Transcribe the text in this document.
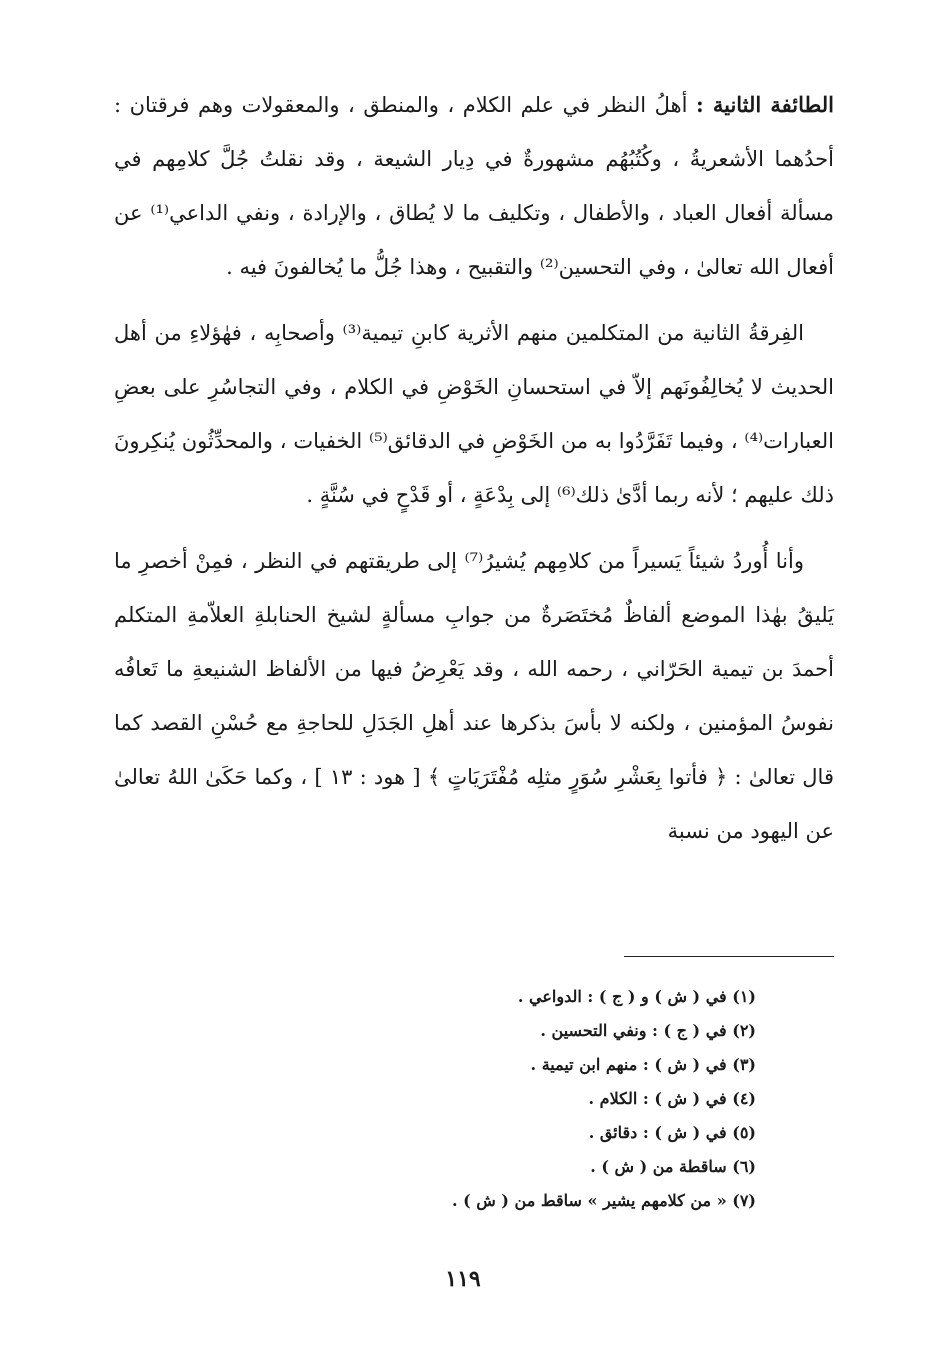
الطائفة الثانية : أهلُ النظر في علم الكلام ، والمنطق ، والمعقولات وهم فرقتان : أحدُهما الأشعريةُ ، وكُتُبُهُم مشهورةٌ في دِيار الشيعة ، وقد نقلتُ جُلَّ كلامِهم في مسألة أفعال العباد ، والأطفال ، وتكليف ما لا يُطاق ، والإرادة ، ونفي الداعي⁽¹⁾ عن أفعال الله تعالىٰ ، وفي التحسين⁽²⁾ والتقبيح ، وهذا جُلُّ ما يُخالفونَ فيه .

الفِرقةُ الثانية من المتكلمين منهم الأثرية كابنِ تيمية⁽³⁾ وأصحابِه ، فهٰؤلاءِ من أهل الحديث لا يُخالِفُونَهم إلاّ في استحسانِ الخَوْضِ في الكلام ، وفي التجاسُرِ على بعضِ العبارات⁽⁴⁾ ، وفيما تَفَرَّدُوا به من الخَوْضِ في الدقائق⁽⁵⁾ الخفيات ، والمحدِّثُون يُنكِرونَ ذلك عليهم ؛ لأنه ربما أدَّىٰ ذلك⁽⁶⁾ إلى بِدْعَةٍ ، أو قَدْحٍ في سُنَّةٍ .

وأنا أُوردُ شيئاً يَسيراً من كلامِهم يُشيرُ⁽⁷⁾ إلى طريقتهم في النظر ، فمِنْ أخصرِ ما يَليقُ بهٰذا الموضع ألفاظٌ مُختَصَرةٌ من جوابِ مسألةٍ لشيخ الحنابلةِ العلاّمةِ المتكلم أحمدَ بن تيمية الحَرّاني ، رحمه الله ، وقد يَعْرِضُ فيها من الألفاظ الشنيعةِ ما تَعافُه نفوسُ المؤمنين ، ولكنه لا بأسَ بذكرها عند أهلِ الجَدَلِ للحاجةِ مع حُسْنِ القصد كما قال تعالىٰ : ﴿ فأتوا بِعَشْرِ سُوَرٍ مثلِه مُفْتَرَيَاتٍ ﴾ [ هود : ١٣ ] ، وكما حَكَىٰ اللهُ تعالىٰ عن اليهود من نسبة

(١) في ( ش ) و ( ج ) : الدواعي .
(٢) في ( ج ) : ونفي التحسين .
(٣) في ( ش ) : منهم ابن تيمية .
(٤) في ( ش ) : الكلام .
(٥) في ( ش ) : دقائق .
(٦) ساقطة من ( ش ) .
(٧) « من كلامهم يشير » ساقط من ( ش ) .
١١٩
